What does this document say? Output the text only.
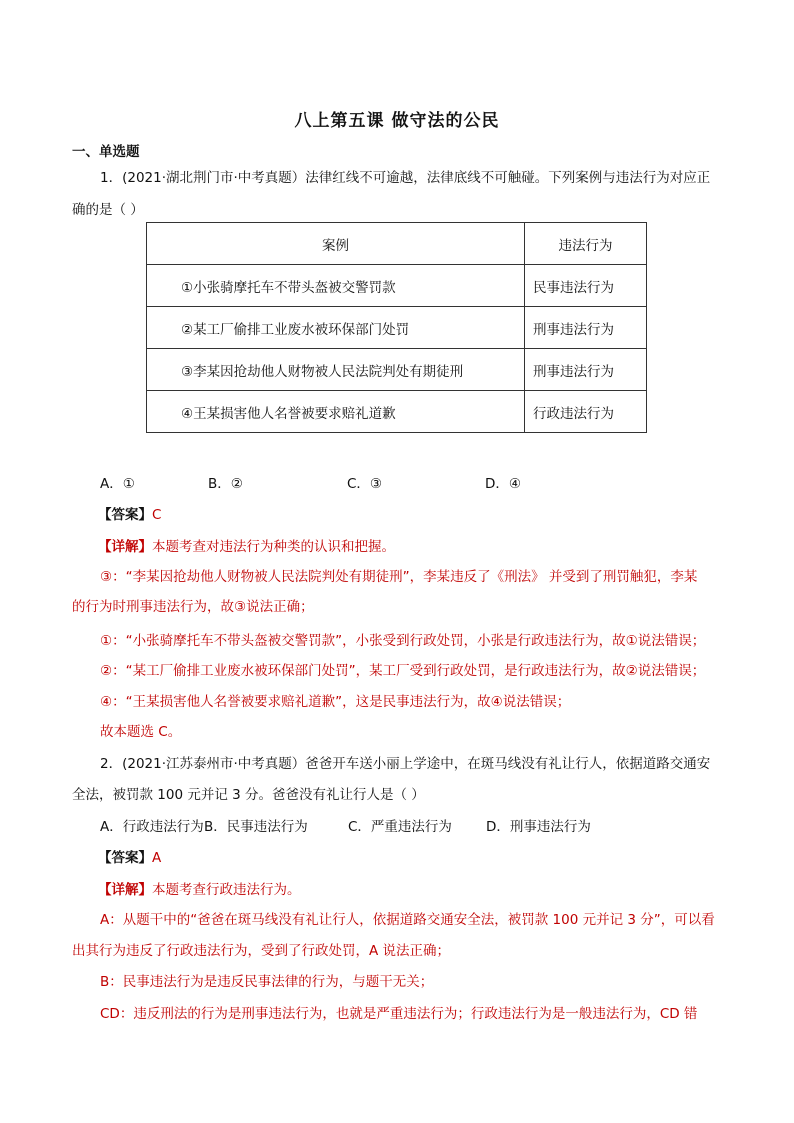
八上第五课 做守法的公民
一、单选题
1．(2021·湖北荆门市·中考真题）法律红线不可逾越，法律底线不可触碰。下列案例与违法行为对应正
确的是（ ）
案例	违法行为
①小张骑摩托车不带头盔被交警罚款	民事违法行为
②某工厂偷排工业废水被环保部门处罚	刑事违法行为
③李某因抢劫他人财物被人民法院判处有期徒刑	刑事违法行为
④王某损害他人名誉被要求赔礼道歉	行政违法行为
A．①	B．②	C．③	D．④
【答案】C
【详解】本题考查对违法行为种类的认识和把握。
③：“李某因抢劫他人财物被人民法院判处有期徒刑”，李某违反了《刑法》 并受到了刑罚触犯，李某
的行为时刑事违法行为，故③说法正确；
①：“小张骑摩托车不带头盔被交警罚款”，小张受到行政处罚，小张是行政违法行为，故①说法错误；
②：“某工厂偷排工业废水被环保部门处罚”，某工厂受到行政处罚，是行政违法行为，故②说法错误；
④：“王某损害他人名誉被要求赔礼道歉”，这是民事违法行为，故④说法错误；
故本题选 C。
2．(2021·江苏泰州市·中考真题）爸爸开车送小丽上学途中，在斑马线没有礼让行人，依据道路交通安
全法，被罚款 100 元并记 3 分。爸爸没有礼让行人是（ ）
A．行政违法行为 B．民事违法行为	C．严重违法行为	D．刑事违法行为
【答案】A
【详解】本题考查行政违法行为。
A：从题干中的“爸爸在斑马线没有礼让行人，依据道路交通安全法，被罚款 100 元并记 3 分”，可以看
出其行为违反了行政违法行为，受到了行政处罚，A 说法正确；
B：民事违法行为是违反民事法律的行为，与题干无关；
CD：违反刑法的行为是刑事违法行为，也就是严重违法行为；行政违法行为是一般违法行为，CD 错
